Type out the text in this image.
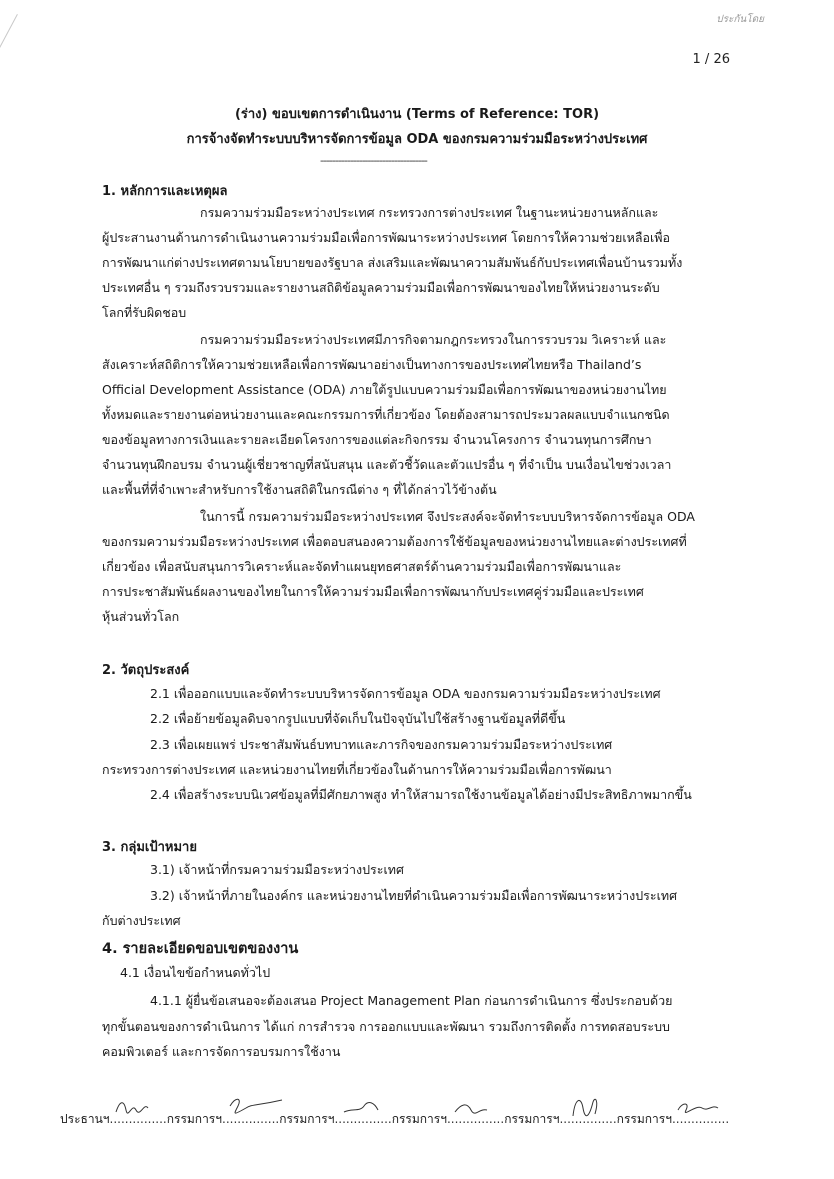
ประกันโดย
1 / 26
(ร่าง) ขอบเขตการดำเนินงาน (Terms of Reference: TOR)
การจ้างจัดทำระบบบริหารจัดการข้อมูล ODA ของกรมความร่วมมือระหว่างประเทศ
------------------------------------
1. หลักการและเหตุผล
กรมความร่วมมือระหว่างประเทศ กระทรวงการต่างประเทศ ในฐานะหน่วยงานหลักและ
ผู้ประสานงานด้านการดำเนินงานความร่วมมือเพื่อการพัฒนาระหว่างประเทศ โดยการให้ความช่วยเหลือเพื่อ
การพัฒนาแก่ต่างประเทศตามนโยบายของรัฐบาล ส่งเสริมและพัฒนาความสัมพันธ์กับประเทศเพื่อนบ้านรวมทั้ง
ประเทศอื่น ๆ รวมถึงรวบรวมและรายงานสถิติข้อมูลความร่วมมือเพื่อการพัฒนาของไทยให้หน่วยงานระดับ
โลกที่รับผิดชอบ
กรมความร่วมมือระหว่างประเทศมีภารกิจตามกฎกระทรวงในการรวบรวม วิเคราะห์ และ
สังเคราะห์สถิติการให้ความช่วยเหลือเพื่อการพัฒนาอย่างเป็นทางการของประเทศไทยหรือ Thailand’s
Official Development Assistance (ODA) ภายใต้รูปแบบความร่วมมือเพื่อการพัฒนาของหน่วยงานไทย
ทั้งหมดและรายงานต่อหน่วยงานและคณะกรรมการที่เกี่ยวข้อง โดยต้องสามารถประมวลผลแบบจำแนกชนิด
ของข้อมูลทางการเงินและรายละเอียดโครงการของแต่ละกิจกรรม จำนวนโครงการ จำนวนทุนการศึกษา
จำนวนทุนฝึกอบรม จำนวนผู้เชี่ยวชาญที่สนับสนุน และตัวชี้วัดและตัวแปรอื่น ๆ ที่จำเป็น บนเงื่อนไขช่วงเวลา
และพื้นที่ที่จำเพาะสำหรับการใช้งานสถิติในกรณีต่าง ๆ ที่ได้กล่าวไว้ข้างต้น
ในการนี้ กรมความร่วมมือระหว่างประเทศ จึงประสงค์จะจัดทำระบบบริหารจัดการข้อมูล ODA
ของกรมความร่วมมือระหว่างประเทศ เพื่อตอบสนองความต้องการใช้ข้อมูลของหน่วยงานไทยและต่างประเทศที่
เกี่ยวข้อง เพื่อสนับสนุนการวิเคราะห์และจัดทำแผนยุทธศาสตร์ด้านความร่วมมือเพื่อการพัฒนาและ
การประชาสัมพันธ์ผลงานของไทยในการให้ความร่วมมือเพื่อการพัฒนากับประเทศคู่ร่วมมือและประเทศ
หุ้นส่วนทั่วโลก
2. วัตถุประสงค์
2.1 เพื่อออกแบบและจัดทำระบบบริหารจัดการข้อมูล ODA ของกรมความร่วมมือระหว่างประเทศ
2.2 เพื่อย้ายข้อมูลดิบจากรูปแบบที่จัดเก็บในปัจจุบันไปใช้สร้างฐานข้อมูลที่ดีขึ้น
2.3 เพื่อเผยแพร่ ประชาสัมพันธ์บทบาทและภารกิจของกรมความร่วมมือระหว่างประเทศ
กระทรวงการต่างประเทศ และหน่วยงานไทยที่เกี่ยวข้องในด้านการให้ความร่วมมือเพื่อการพัฒนา
2.4 เพื่อสร้างระบบนิเวศข้อมูลที่มีศักยภาพสูง ทำให้สามารถใช้งานข้อมูลได้อย่างมีประสิทธิภาพมากขึ้น
3. กลุ่มเป้าหมาย
3.1) เจ้าหน้าที่กรมความร่วมมือระหว่างประเทศ
3.2) เจ้าหน้าที่ภายในองค์กร และหน่วยงานไทยที่ดำเนินความร่วมมือเพื่อการพัฒนาระหว่างประเทศ
กับต่างประเทศ
4. รายละเอียดขอบเขตของงาน
4.1 เงื่อนไขข้อกำหนดทั่วไป
4.1.1 ผู้ยื่นข้อเสนอจะต้องเสนอ Project Management Plan ก่อนการดำเนินการ ซึ่งประกอบด้วย
ทุกขั้นตอนของการดำเนินการ ได้แก่ การสำรวจ การออกแบบและพัฒนา รวมถึงการติดตั้ง การทดสอบระบบ
คอมพิวเตอร์ และการจัดการอบรมการใช้งาน
ประธานฯ
...............กรรมการฯ
...............กรรมการฯ
...............กรรมการฯ
...............กรรมการฯ
...............กรรมการฯ
...............
